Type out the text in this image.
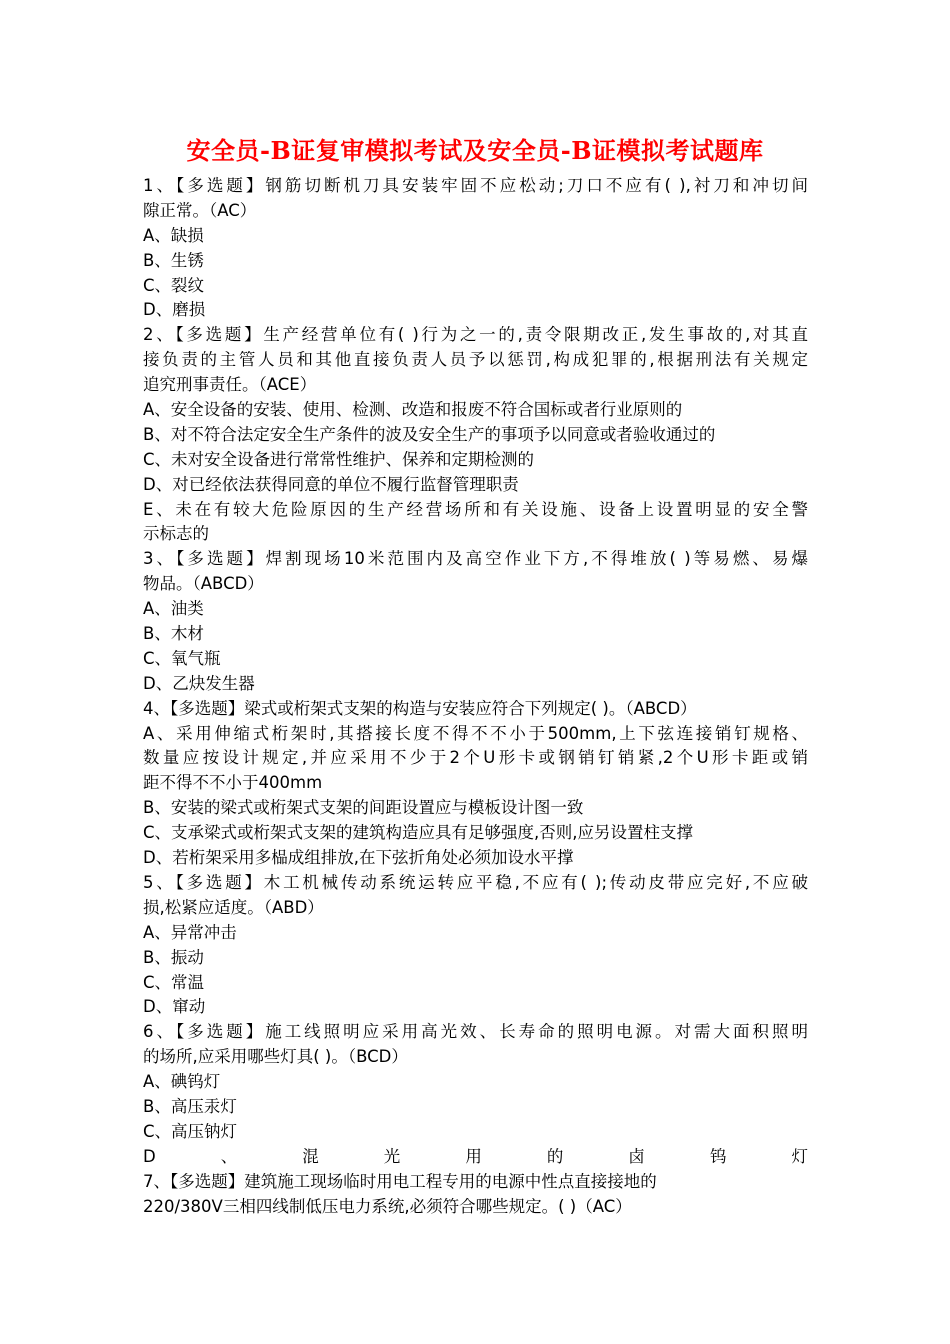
安全员-B证复审模拟考试及安全员-B证模拟考试题库
1、【多选题】钢筋切断机刀具安装牢固不应松动;刀口不应有( ),衬刀和冲切间
隙正常。（AC）
A、缺损
B、生锈
C、裂纹
D、磨损
2、【多选题】生产经营单位有( )行为之一的,责令限期改正,发生事故的,对其直
接负责的主管人员和其他直接负责人员予以惩罚,构成犯罪的,根据刑法有关规定
追究刑事责任。（ACE）
A、安全设备的安装、使用、检测、改造和报废不符合国标或者行业原则的
B、对不符合法定安全生产条件的波及安全生产的事项予以同意或者验收通过的
C、未对安全设备进行常常性维护、保养和定期检测的
D、对已经依法获得同意的单位不履行监督管理职责
E、未在有较大危险原因的生产经营场所和有关设施、设备上设置明显的安全警
示标志的
3、【多选题】焊割现场10米范围内及高空作业下方,不得堆放( )等易燃、易爆
物品。（ABCD）
A、油类
B、木材
C、氧气瓶
D、乙炔发生器
4、【多选题】梁式或桁架式支架的构造与安装应符合下列规定( )。（ABCD）
A、采用伸缩式桁架时,其搭接长度不得不不小于500mm,上下弦连接销钉规格、
数量应按设计规定,并应采用不少于2个U形卡或钢销钉销紧,2个U形卡距或销
距不得不不小于400mm
B、安装的梁式或桁架式支架的间距设置应与模板设计图一致
C、支承梁式或桁架式支架的建筑构造应具有足够强度,否则,应另设置柱支撑
D、若桁架采用多榀成组排放,在下弦折角处必须加设水平撑
5、【多选题】木工机械传动系统运转应平稳,不应有( );传动皮带应完好,不应破
损,松紧应适度。（ABD）
A、异常冲击
B、振动
C、常温
D、窜动
6、【多选题】施工线照明应采用高光效、长寿命的照明电源。对需大面积照明
的场所,应采用哪些灯具( )。（BCD）
A、碘钨灯
B、高压汞灯
C、高压钠灯
D、混光用的卤钨灯
7、【多选题】建筑施工现场临时用电工程专用的电源中性点直接接地的
220/380V三相四线制低压电力系统,必须符合哪些规定。( )（AC）
